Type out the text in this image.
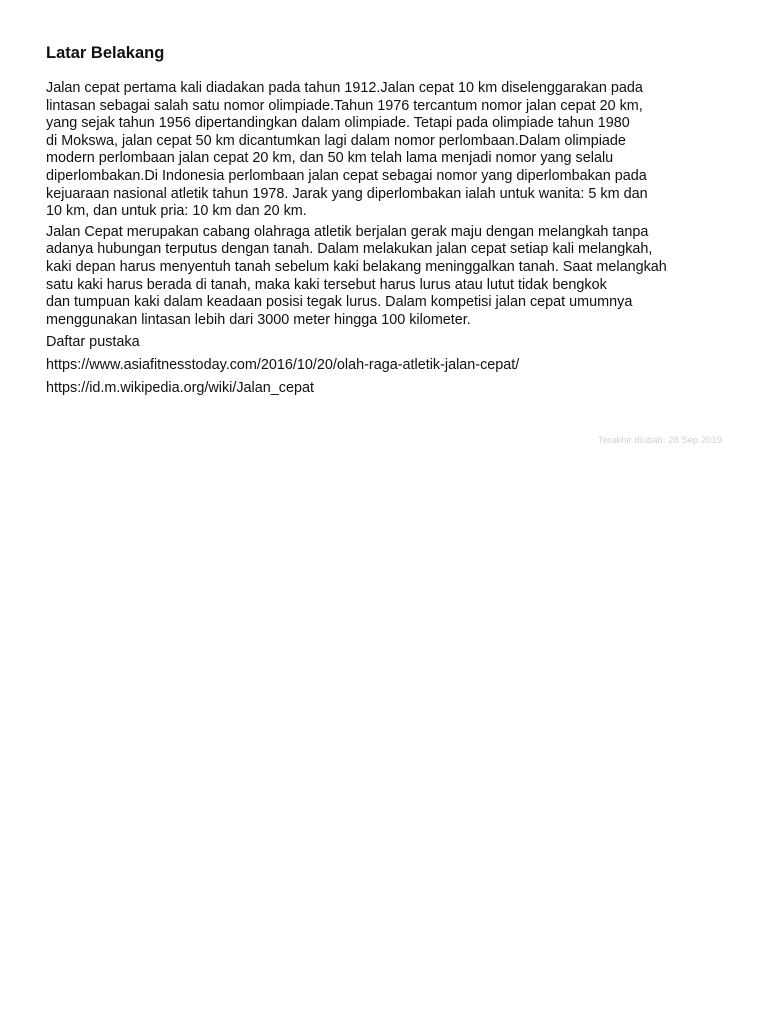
Latar Belakang

Jalan cepat pertama kali diadakan pada tahun 1912.Jalan cepat 10 km diselenggarakan pada
lintasan sebagai salah satu nomor olimpiade.Tahun 1976 tercantum nomor jalan cepat 20 km,
yang sejak tahun 1956 dipertandingkan dalam olimpiade. Tetapi pada olimpiade tahun 1980
di Mokswa, jalan cepat 50 km dicantumkan lagi dalam nomor perlombaan.Dalam olimpiade
modern perlombaan jalan cepat 20 km, dan 50 km telah lama menjadi nomor yang selalu
diperlombakan.Di Indonesia perlombaan jalan cepat sebagai nomor yang diperlombakan pada
kejuaraan nasional atletik tahun 1978. Jarak yang diperlombakan ialah untuk wanita: 5 km dan
10 km, dan untuk pria: 10 km dan 20 km.

Jalan Cepat merupakan cabang olahraga atletik berjalan gerak maju dengan melangkah tanpa
adanya hubungan terputus dengan tanah. Dalam melakukan jalan cepat setiap kali melangkah,
kaki depan harus menyentuh tanah sebelum kaki belakang meninggalkan tanah. Saat melangkah
satu kaki harus berada di tanah, maka kaki tersebut harus lurus atau lutut tidak bengkok
dan tumpuan kaki dalam keadaan posisi tegak lurus. Dalam kompetisi jalan cepat umumnya
menggunakan lintasan lebih dari 3000 meter hingga 100 kilometer.

Daftar pustaka

https://www.asiafitnesstoday.com/2016/10/20/olah-raga-atletik-jalan-cepat/

https://id.m.wikipedia.org/wiki/Jalan_cepat

Terakhir diubah: 28 Sep 2019
